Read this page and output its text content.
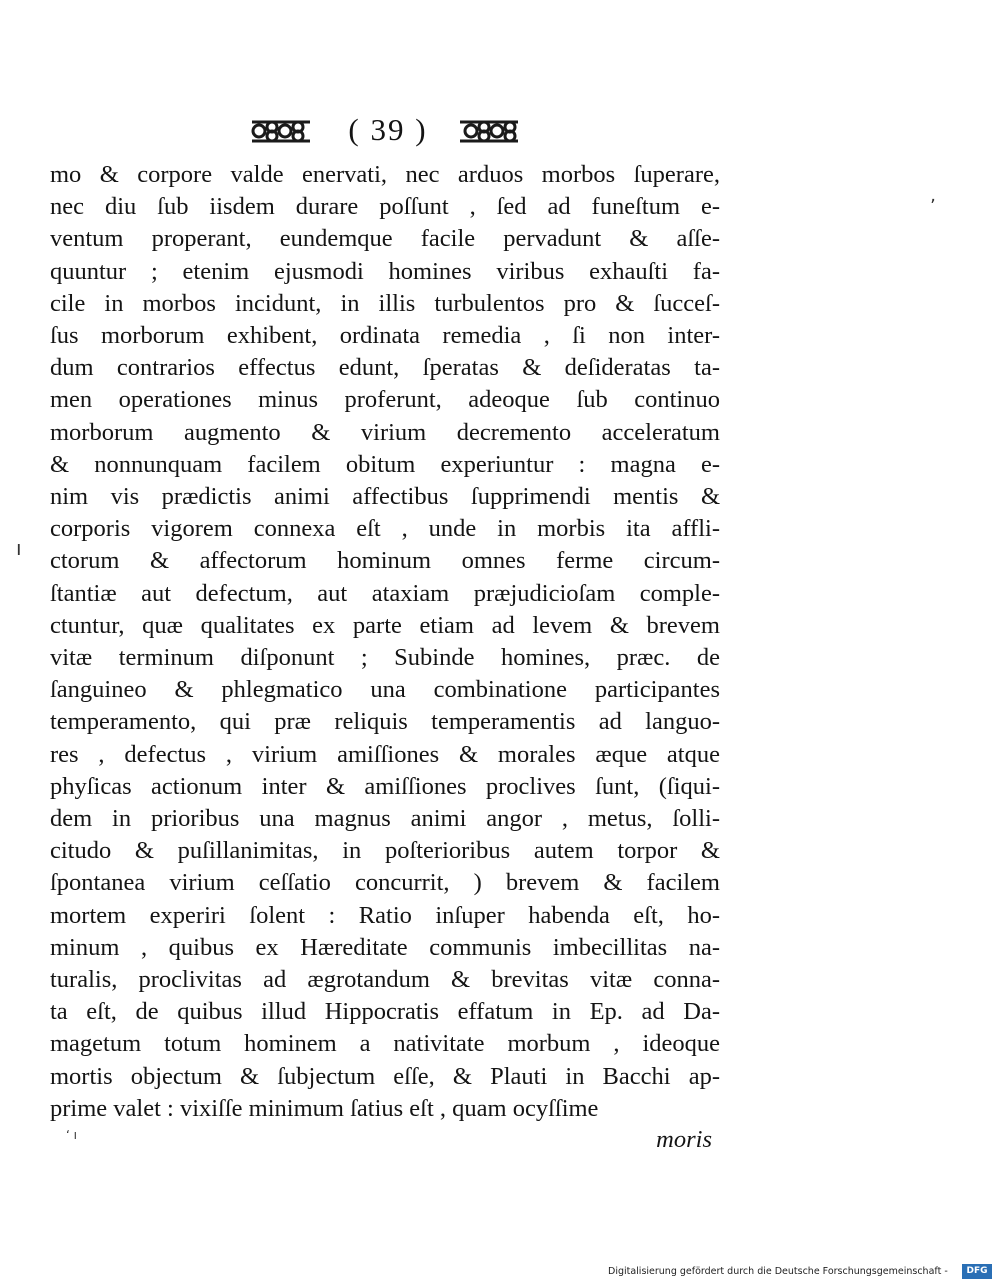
( 39 )
mo & corpore valde enervati, nec arduos morbos ſuperare,
nec diu ſub iisdem durare poſſunt , ſed ad funeſtum e-
ventum properant, eundemque facile pervadunt & aſſe-
quuntur ; etenim ejusmodi homines viribus exhauſti fa-
cile in morbos incidunt, in illis turbulentos pro & ſucceſ-
ſus morborum exhibent, ordinata remedia , ſi non inter-
dum contrarios effectus edunt, ſperatas & deſideratas ta-
men operationes minus proferunt, adeoque ſub continuo
morborum augmento & virium decremento acceleratum
& nonnunquam facilem obitum experiuntur : magna e-
nim vis prædictis animi affectibus ſupprimendi mentis &
corporis vigorem connexa eſt , unde in morbis ita affli-
ctorum & affectorum hominum omnes ferme circum-
ſtantiæ aut defectum, aut ataxiam præjudicioſam comple-
ctuntur, quæ qualitates ex parte etiam ad levem & brevem
vitæ terminum diſponunt ; Subinde homines, præc. de
ſanguineo & phlegmatico una combinatione participantes
temperamento, qui præ reliquis temperamentis ad languo-
res , defectus , virium amiſſiones & morales æque atque
phyſicas actionum inter & amiſſiones proclives ſunt, (ſiqui-
dem in prioribus una magnus animi angor , metus, ſolli-
citudo & puſillanimitas, in poſterioribus autem torpor &
ſpontanea virium ceſſatio concurrit, ) brevem & facilem
mortem experiri ſolent : Ratio inſuper habenda eſt, ho-
minum , quibus ex Hæreditate communis imbecillitas na-
turalis, proclivitas ad ægrotandum & brevitas vitæ conna-
ta eſt, de quibus illud Hippocratis effatum in Ep. ad Da-
magetum totum hominem a nativitate morbum , ideoque
mortis objectum & ſubjectum eſſe, & Plauti in Bacchi ap-
prime valet : vixiſſe minimum ſatius eſt , quam ocyſſime
moris
ʼ
ı
‘ ı
Digitalisierung gefördert durch die Deutsche Forschungsgemeinschaft -	DFG
